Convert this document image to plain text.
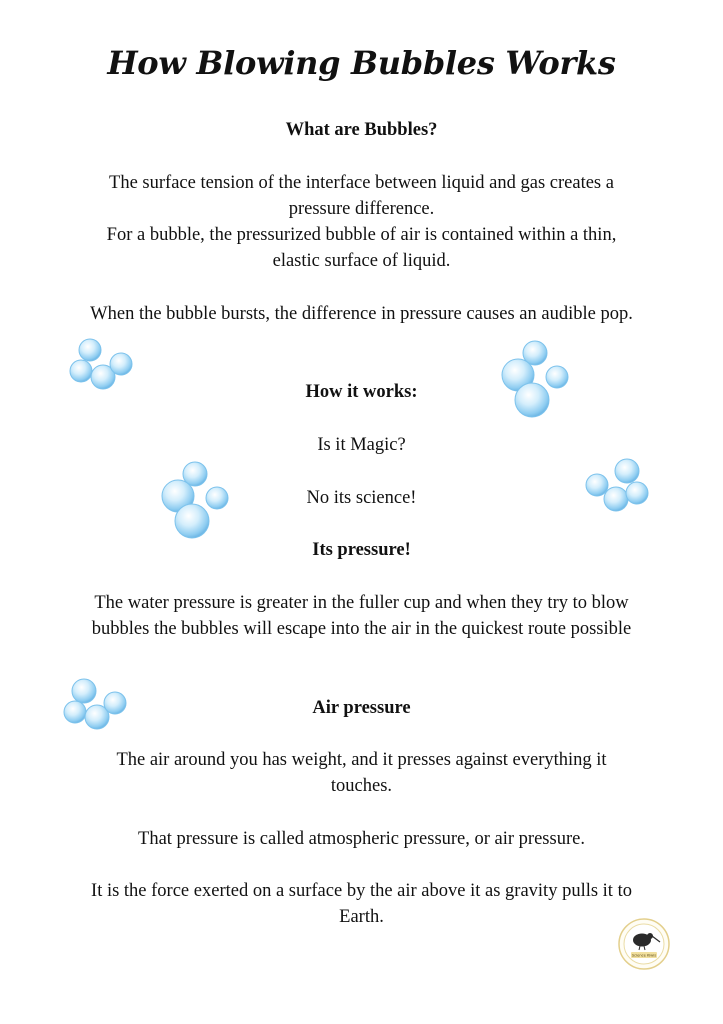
How Blowing Bubbles Works
What are Bubbles?
The surface tension of the interface between liquid and gas creates a
pressure difference.
For a bubble, the pressurized bubble of air is contained within a thin,
elastic surface of liquid.
When the bubble bursts, the difference in pressure causes an audible pop.
How it works:
Is it Magic?
No its science!
Its pressure!
The water pressure is greater in the fuller cup and when they try to blow
bubbles the bubbles will escape into the air in the quickest route possible
Air pressure
The air around you has weight, and it presses against everything it
touches.
That pressure is called atmospheric pressure, or air pressure.
It is the force exerted on a surface by the air above it as gravity pulls it to
Earth.
Science Kiwis
